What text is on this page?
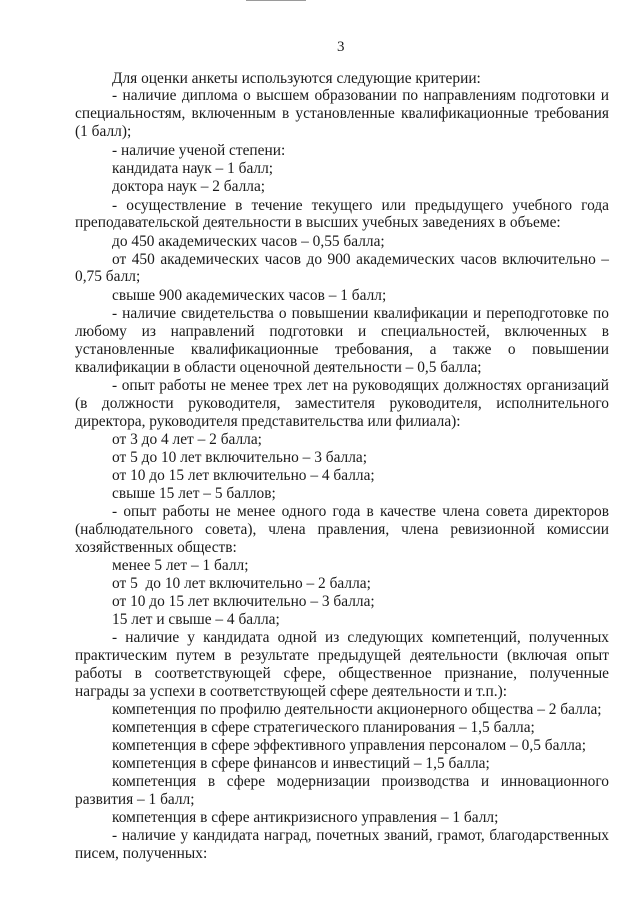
3
Для оценки анкеты используются следующие критерии:
- наличие диплома о высшем образовании по направлениям подготовки и
специальностям, включенным в установленные квалификационные требования
(1 балл);
- наличие ученой степени:
кандидата наук – 1 балл;
доктора наук – 2 балла;
- осуществление в течение текущего или предыдущего учебного года
преподавательской деятельности в высших учебных заведениях в объеме:
до 450 академических часов – 0,55 балла;
от 450 академических часов до 900 академических часов включительно –
0,75 балл;
свыше 900 академических часов – 1 балл;
- наличие свидетельства о повышении квалификации и переподготовке по
любому из направлений подготовки и специальностей, включенных в
установленные квалификационные требования, а также о повышении
квалификации в области оценочной деятельности – 0,5 балла;
- опыт работы не менее трех лет на руководящих должностях организаций
(в должности руководителя, заместителя руководителя, исполнительного
директора, руководителя представительства или филиала):
от 3 до 4 лет – 2 балла;
от 5 до 10 лет включительно – 3 балла;
от 10 до 15 лет включительно – 4 балла;
свыше 15 лет – 5 баллов;
- опыт работы не менее одного года в качестве члена совета директоров
(наблюдательного совета), члена правления, члена ревизионной комиссии
хозяйственных обществ:
менее 5 лет – 1 балл;
от 5  до 10 лет включительно – 2 балла;
от 10 до 15 лет включительно – 3 балла;
15 лет и свыше – 4 балла;
- наличие у кандидата одной из следующих компетенций, полученных
практическим путем в результате предыдущей деятельности (включая опыт
работы в соответствующей сфере, общественное признание, полученные
награды за успехи в соответствующей сфере деятельности и т.п.):
компетенция по профилю деятельности акционерного общества – 2 балла;
компетенция в сфере стратегического планирования – 1,5 балла;
компетенция в сфере эффективного управления персоналом – 0,5 балла;
компетенция в сфере финансов и инвестиций – 1,5 балла;
компетенция в сфере модернизации производства и инновационного
развития – 1 балл;
компетенция в сфере антикризисного управления – 1 балл;
- наличие у кандидата наград, почетных званий, грамот, благодарственных
писем, полученных:
